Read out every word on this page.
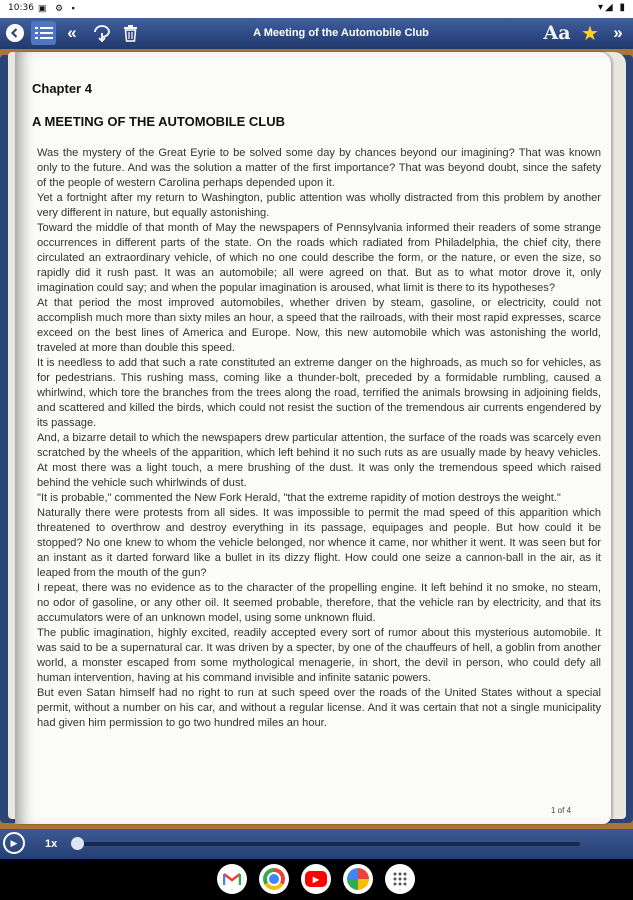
10:36 ▣ ⚙ ▪	▾◢ ▮
«	A Meeting of the Automobile Club	Aa ★ »
Chapter 4
A MEETING OF THE AUTOMOBILE CLUB

Was the mystery of the Great Eyrie to be solved some day by chances beyond our imagining? That was known only to the future. And was the solution a matter of the first importance? That was beyond doubt, since the safety of the people of western Carolina perhaps depended upon it.

Yet a fortnight after my return to Washington, public attention was wholly distracted from this problem by another very different in nature, but equally astonishing.

Toward the middle of that month of May the newspapers of Pennsylvania informed their readers of some strange occurrences in different parts of the state. On the roads which radiated from Philadelphia, the chief city, there circulated an extraordinary vehicle, of which no one could describe the form, or the nature, or even the size, so rapidly did it rush past. It was an automobile; all were agreed on that. But as to what motor drove it, only imagination could say; and when the popular imagination is aroused, what limit is there to its hypotheses?

At that period the most improved automobiles, whether driven by steam, gasoline, or electricity, could not accomplish much more than sixty miles an hour, a speed that the railroads, with their most rapid expresses, scarce exceed on the best lines of America and Europe. Now, this new automobile which was astonishing the world, traveled at more than double this speed.

It is needless to add that such a rate constituted an extreme danger on the highroads, as much so for vehicles, as for pedestrians. This rushing mass, coming like a thunder-bolt, preceded by a formidable rumbling, caused a whirlwind, which tore the branches from the trees along the road, terrified the animals browsing in adjoining fields, and scattered and killed the birds, which could not resist the suction of the tremendous air currents engendered by its passage.

And, a bizarre detail to which the newspapers drew particular attention, the surface of the roads was scarcely even scratched by the wheels of the apparition, which left behind it no such ruts as are usually made by heavy vehicles. At most there was a light touch, a mere brushing of the dust. It was only the tremendous speed which raised behind the vehicle such whirlwinds of dust.

"It is probable," commented the New Fork Herald, "that the extreme rapidity of motion destroys the weight."

Naturally there were protests from all sides. It was impossible to permit the mad speed of this apparition which threatened to overthrow and destroy everything in its passage, equipages and people. But how could it be stopped? No one knew to whom the vehicle belonged, nor whence it came, nor whither it went. It was seen but for an instant as it darted forward like a bullet in its dizzy flight. How could one seize a cannon-ball in the air, as it leaped from the mouth of the gun?

I repeat, there was no evidence as to the character of the propelling engine. It left behind it no smoke, no steam, no odor of gasoline, or any other oil. It seemed probable, therefore, that the vehicle ran by electricity, and that its accumulators were of an unknown model, using some unknown fluid.

The public imagination, highly excited, readily accepted every sort of rumor about this mysterious automobile. It was said to be a supernatural car. It was driven by a specter, by one of the chauffeurs of hell, a goblin from another world, a monster escaped from some mythological menagerie, in short, the devil in person, who could defy all human intervention, having at his command invisible and infinite satanic powers.

But even Satan himself had no right to run at such speed over the roads of the United States without a special permit, without a number on his car, and without a regular license. And it was certain that not a single municipality had given him permission to go two hundred miles an hour.

1 of 4
▶	1x
▶
